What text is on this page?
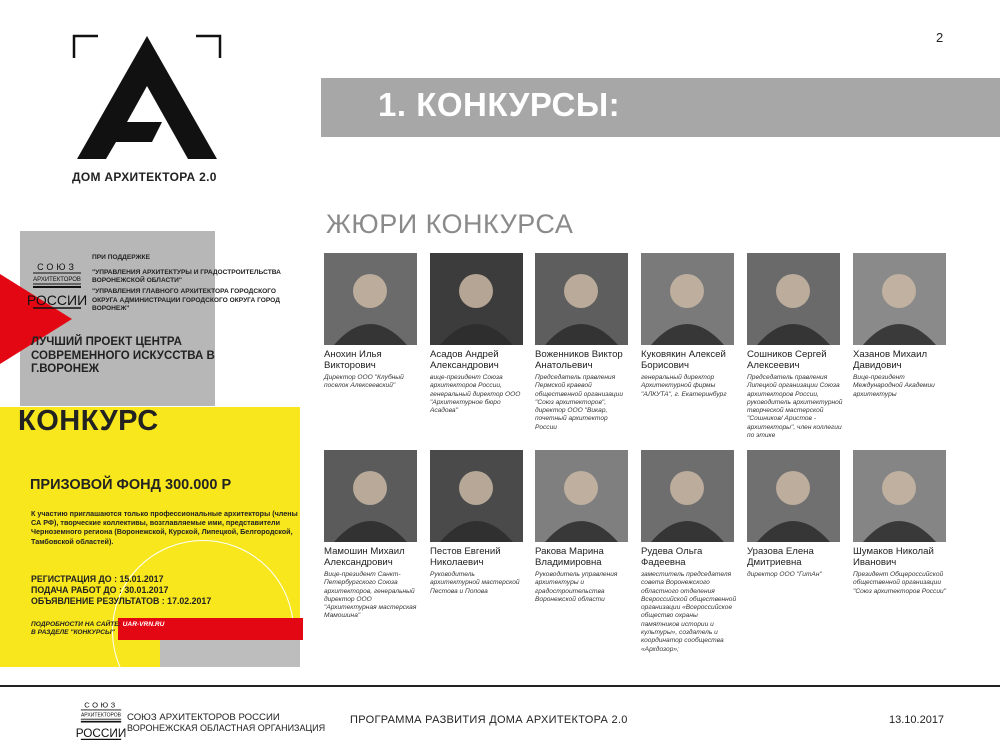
2
ДОМ АРХИТЕКТОРА 2.0
1. КОНКУРСЫ:
ЖЮРИ КОНКУРСА
СОЮЗ
АРХИТЕКТОРОВ
РОССИИ
ПРИ ПОДДЕРЖКЕ
"УПРАВЛЕНИЯ АРХИТЕКТУРЫ И ГРАДОСТРОИТЕЛЬСТВА ВОРОНЕЖСКОЙ ОБЛАСТИ"
"УПРАВЛЕНИЯ ГЛАВНОГО АРХИТЕКТОРА ГОРОДСКОГО ОКРУГА АДМИНИСТРАЦИИ ГОРОДСКОГО ОКРУГА ГОРОД ВОРОНЕЖ"
ЛУЧШИЙ ПРОЕКТ ЦЕНТРА СОВРЕМЕННОГО ИСКУССТВА В Г.ВОРОНЕЖ
КОНКУРС
ПРИЗОВОЙ ФОНД 300.000 Р
К участию приглашаются только профессиональные архитекторы (члены СА РФ), творческие коллективы, возглавляемые ими, представители Черноземного региона (Воронежской, Курской, Липецкой, Белгородской, Тамбовской областей).
РЕГИСТРАЦИЯ ДО : 15.01.2017
ПОДАЧА РАБОТ ДО : 30.01.2017
ОБЪЯВЛЕНИЕ РЕЗУЛЬТАТОВ : 17.02.2017
ПОДРОБНОСТИ НА САЙТЕ: UAR-VRN.RU
В РАЗДЕЛЕ "КОНКУРСЫ"
Анохин Илья Викторович
Директор ООО "Клубный поселок Алексеевский"
Асадов Андрей Александрович
вице-президент Союза архитекторов России, генеральный директор ООО "Архитектурное бюро Асадова"
Воженников Виктор Анатольевич
Председатель правления Пермской краевой общественной организации "Союз архитекторов", директор ООО "Викар, почетный архитектор России
Куковякин Алексей Борисович
генеральный директор Архитектурной фирмы "АЛКУТА", г. Екатеринбург
Сошников Сергей Алексеевич
Председатель правления Липецкой организации Союза архитекторов России, руководитель архитектурной творческой мастерской "Сошников/ Аристов - архитекторы", член коллегии по этике
Хазанов Михаил Давидович
Вице-президент Международной Академии архитектуры
Мамошин Михаил Александрович
Вице-президент Санкт-Петербургского Союза архитекторов, генеральный директор ООО "Архитектурная мастерская Мамошина"
Пестов Евгений Николаевич
Руководитель архитектурной мастерской Пестова и Попова
Ракова Марина Владимировна
Руководитель управления архитектуры и градостроительства Воронежской области
Рудева Ольга Фадеевна
заместитель председателя совета Воронежского областного отделения Всероссийской общественной организации «Всероссийское общество охраны памятников истории и культуры», создатель и координатор сообщества «Архдозор»;
Уразова Елена Дмитриевна
директор ООО "ГитАн"
Шумаков Николай Иванович
Президент Общероссийской общественной организации "Союз архитекторов России"
СОЮЗ
АРХИТЕКТОРОВ
РОССИИ
СОЮЗ АРХИТЕКТОРОВ РОССИИ
ВОРОНЕЖСКАЯ ОБЛАСТНАЯ ОРГАНИЗАЦИЯ
ПРОГРАММА РАЗВИТИЯ ДОМА АРХИТЕКТОРА 2.0	13.10.2017
